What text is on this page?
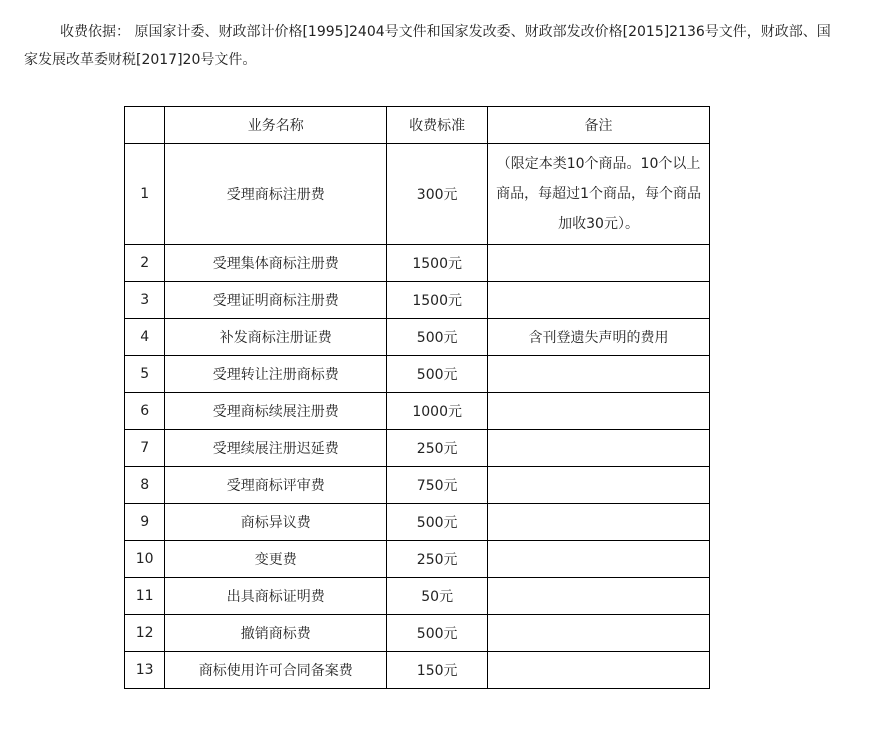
收费依据： 原国家计委、财政部计价格[1995]2404号文件和国家发改委、财政部发改价格[2015]2136号文件，财政部、国家发展改革委财税[2017]20号文件。

	业务名称	收费标准	备注
1	受理商标注册费	300元	（限定本类10个商品。10个以上商品，每超过1个商品，每个商品加收30元）。
2	受理集体商标注册费	1500元	
3	受理证明商标注册费	1500元	
4	补发商标注册证费	500元	含刊登遗失声明的费用
5	受理转让注册商标费	500元	
6	受理商标续展注册费	1000元	
7	受理续展注册迟延费	250元	
8	受理商标评审费	750元	
9	商标异议费	500元	
10	变更费	250元	
11	出具商标证明费	50元	
12	撤销商标费	500元	
13	商标使用许可合同备案费	150元	
